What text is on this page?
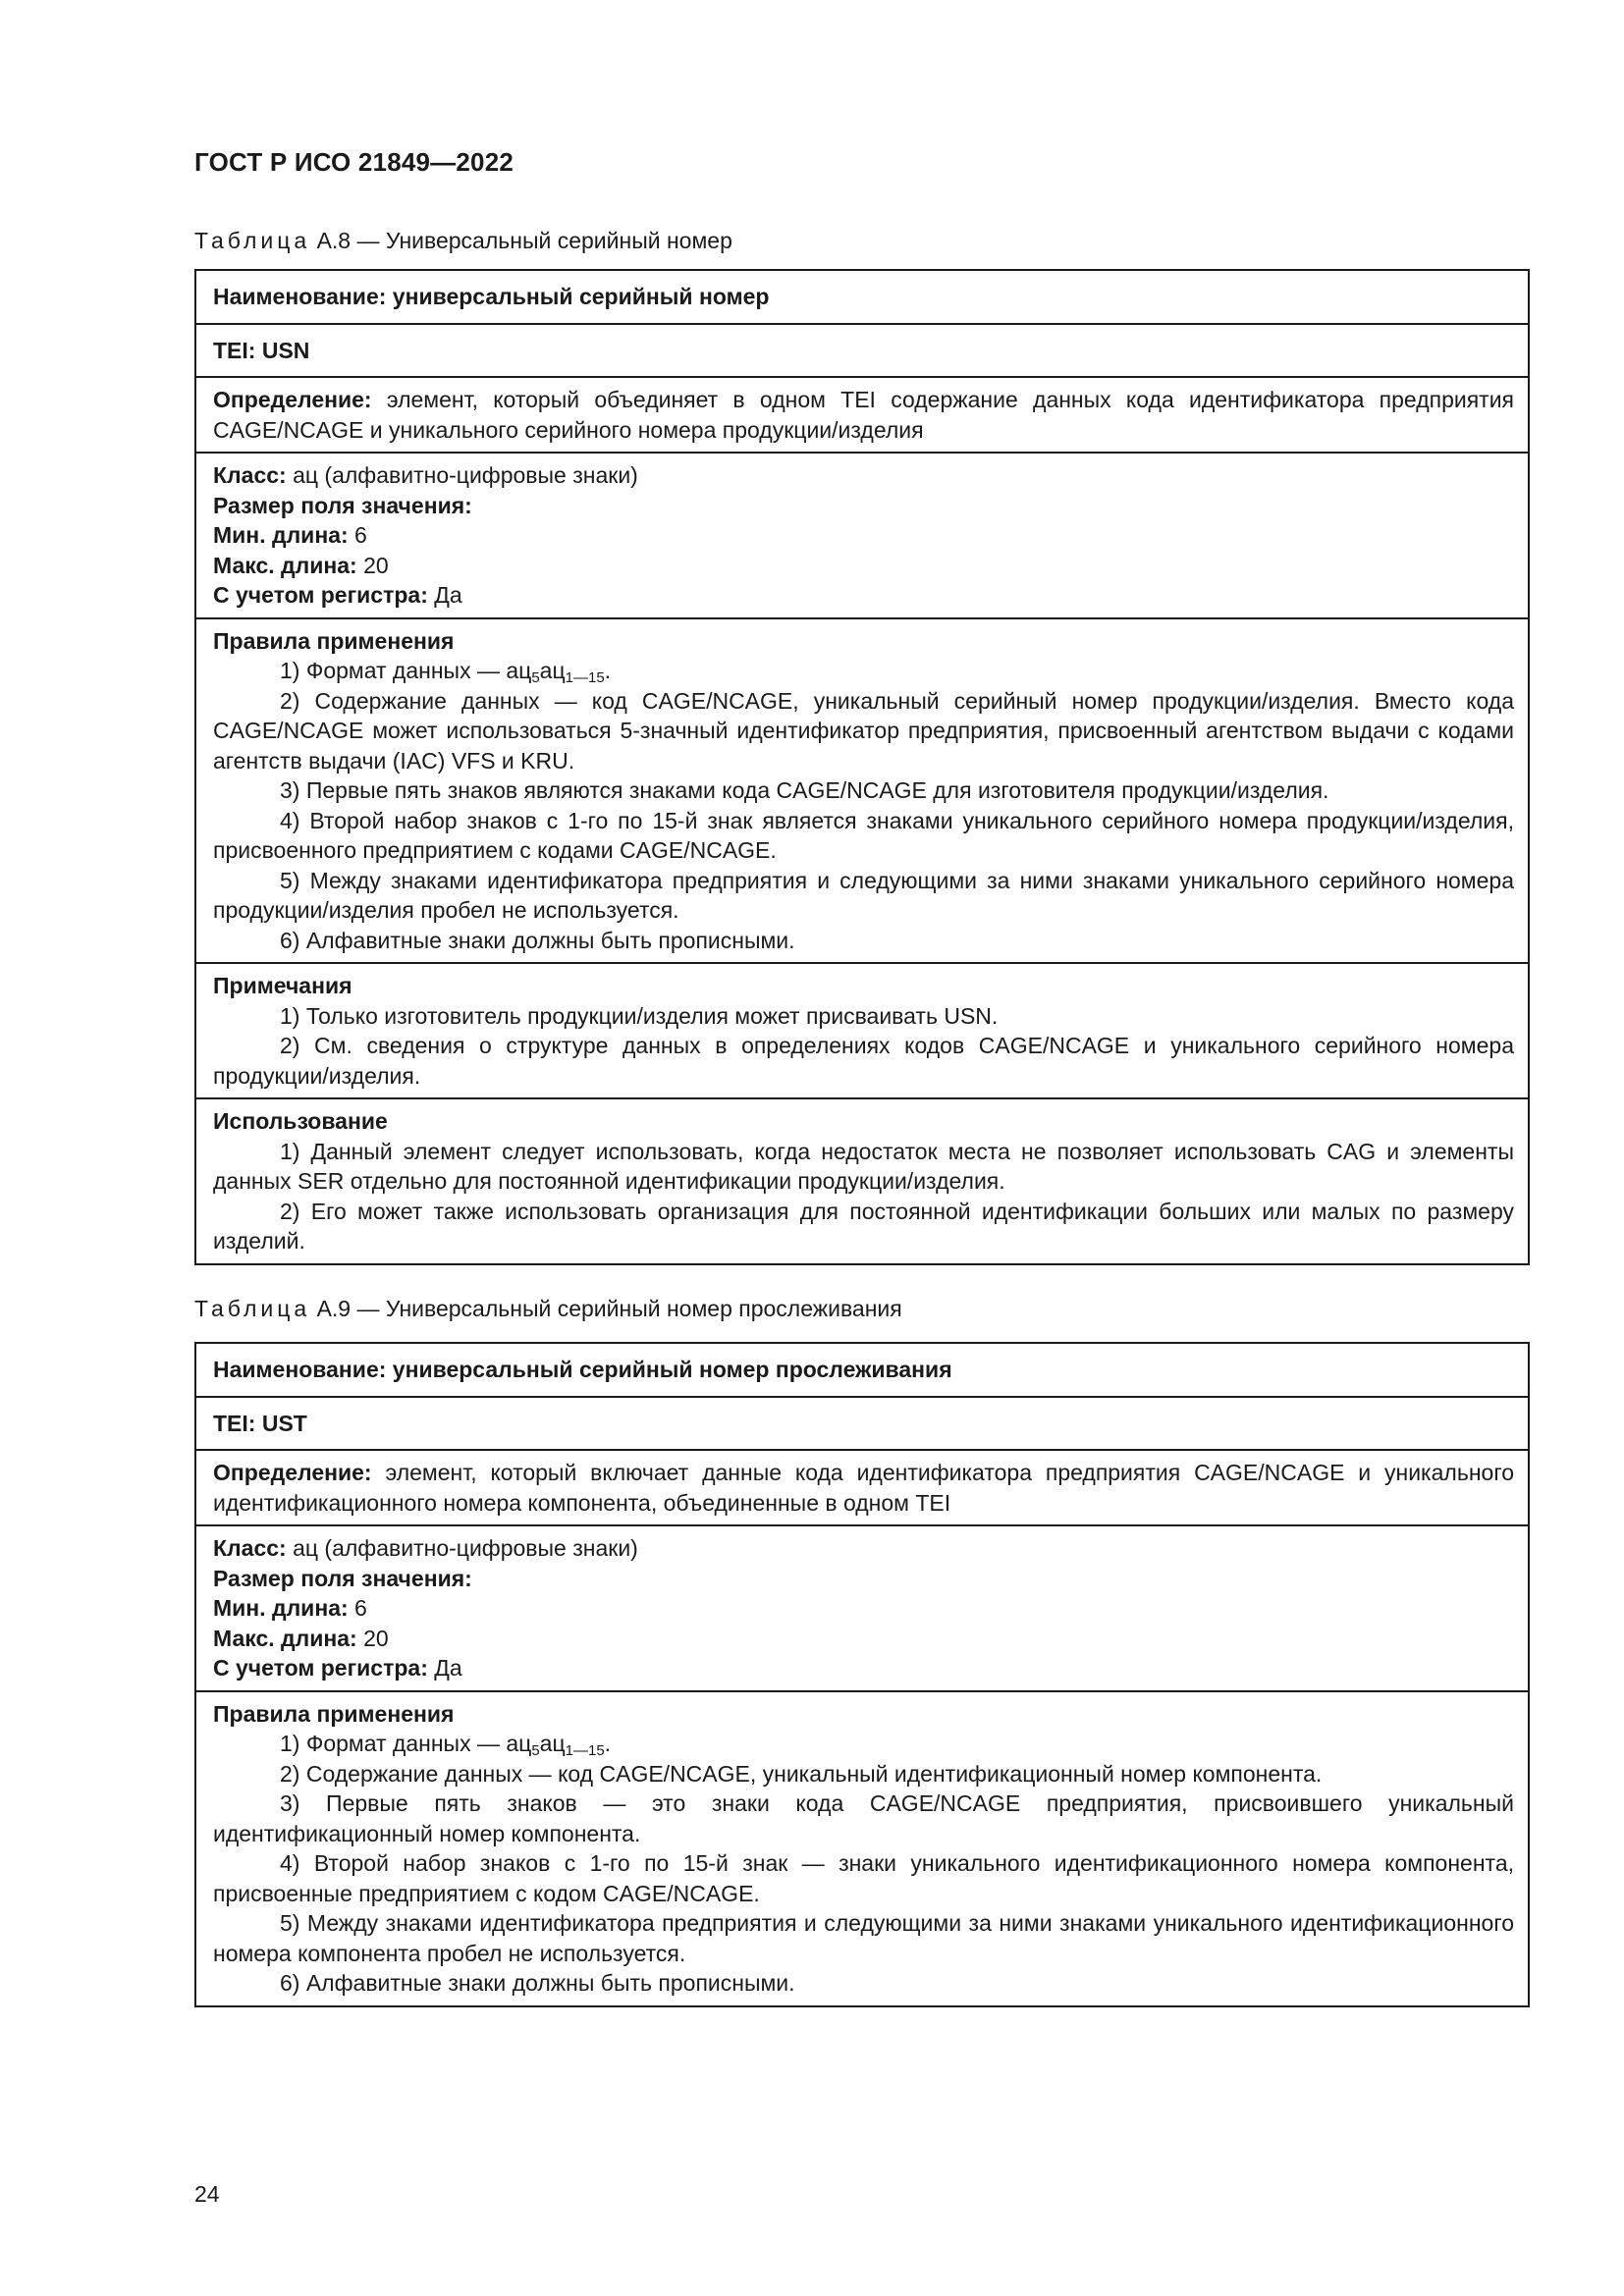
ГОСТ Р ИСО 21849—2022
Таблица А.8 — Универсальный серийный номер
Наименование: универсальный серийный номер
TEI: USN
Определение: элемент, который объединяет в одном TEI содержание данных кода идентификатора предприятия CAGE/NCAGE и уникального серийного номера продукции/изделия
Класс: ац (алфавитно-цифровые знаки)
Размер поля значения:
Мин. длина: 6
Макс. длина: 20
С учетом регистра: Да
Правила применения
1) Формат данных — $ац_5ац_{1—15}$.
2) Содержание данных — код CAGE/NCAGE, уникальный серийный номер продукции/изделия. Вместо кода CAGE/NCAGE может использоваться 5-значный идентификатор предприятия, присвоенный агентством выдачи с кодами агентств выдачи (IAC) VFS и KRU.
3) Первые пять знаков являются знаками кода CAGE/NCAGE для изготовителя продукции/изделия.
4) Второй набор знаков с 1-го по 15-й знак является знаками уникального серийного номера продукции/изделия, присвоенного предприятием с кодами CAGE/NCAGE.
5) Между знаками идентификатора предприятия и следующими за ними знаками уникального серийного номера продукции/изделия пробел не используется.
6) Алфавитные знаки должны быть прописными.
Примечания
1) Только изготовитель продукции/изделия может присваивать USN.
2) См. сведения о структуре данных в определениях кодов CAGE/NCAGE и уникального серийного номера продукции/изделия.
Использование
1) Данный элемент следует использовать, когда недостаток места не позволяет использовать CAG и элементы данных SER отдельно для постоянной идентификации продукции/изделия.
2) Его может также использовать организация для постоянной идентификации больших или малых по размеру изделий.
Таблица А.9 — Универсальный серийный номер прослеживания
Наименование: универсальный серийный номер прослеживания
TEI: UST
Определение: элемент, который включает данные кода идентификатора предприятия CAGE/NCAGE и уникального идентификационного номера компонента, объединенные в одном TEI
Класс: ац (алфавитно-цифровые знаки)
Размер поля значения:
Мин. длина: 6
Макс. длина: 20
С учетом регистра: Да
Правила применения
1) Формат данных — $ац_5ац_{1—15}$.
2) Содержание данных — код CAGE/NCAGE, уникальный идентификационный номер компонента.
3) Первые пять знаков — это знаки кода CAGE/NCAGE предприятия, присвоившего уникальный идентификационный номер компонента.
4) Второй набор знаков с 1-го по 15-й знак — знаки уникального идентификационного номера компонента, присвоенные предприятием с кодом CAGE/NCAGE.
5) Между знаками идентификатора предприятия и следующими за ними знаками уникального идентификационного номера компонента пробел не используется.
6) Алфавитные знаки должны быть прописными.
24
